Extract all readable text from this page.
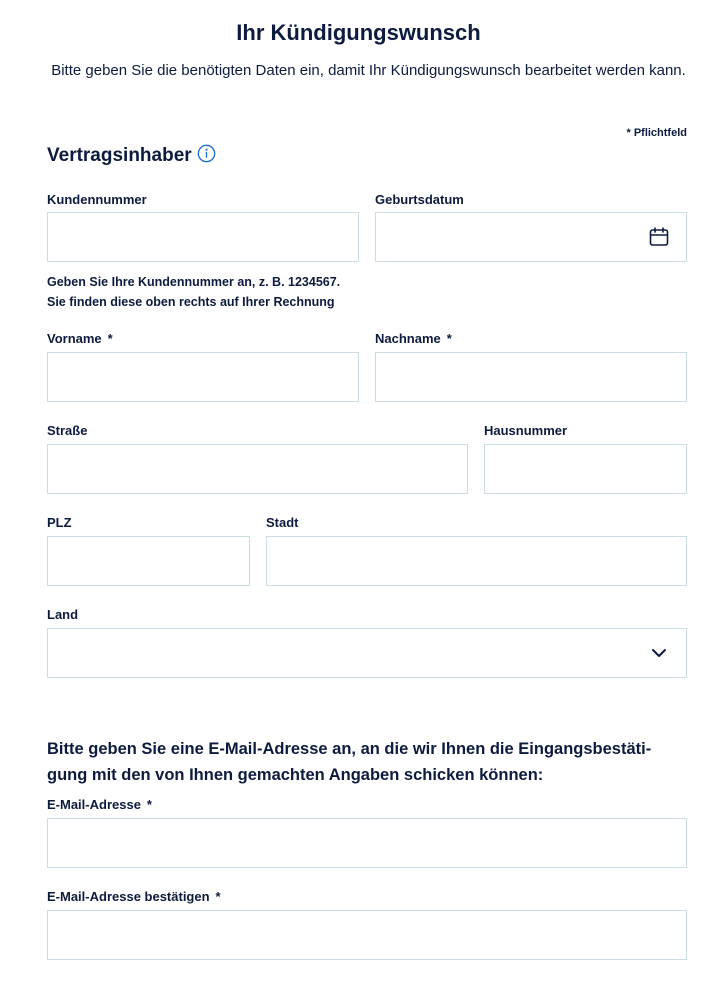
Ihr Kündigungswunsch

Bitte geben Sie die benötigten Daten ein, damit Ihr Kündigungswunsch bearbeitet werden kann.

* Pflichtfeld
Vertragsinhaber
Kundennummer	Geburtsdatum
Geben Sie Ihre Kundennummer an, z. B. 1234567.
Sie finden diese oben rechts auf Ihrer Rechnung
Vorname *	Nachname *
Straße	Hausnummer
PLZ	Stadt
Land
Bitte geben Sie eine E-Mail-Adresse an, an die wir Ihnen die Eingangsbestäti-
gung mit den von Ihnen gemachten Angaben schicken können:
E-Mail-Adresse *
E-Mail-Adresse bestätigen *
